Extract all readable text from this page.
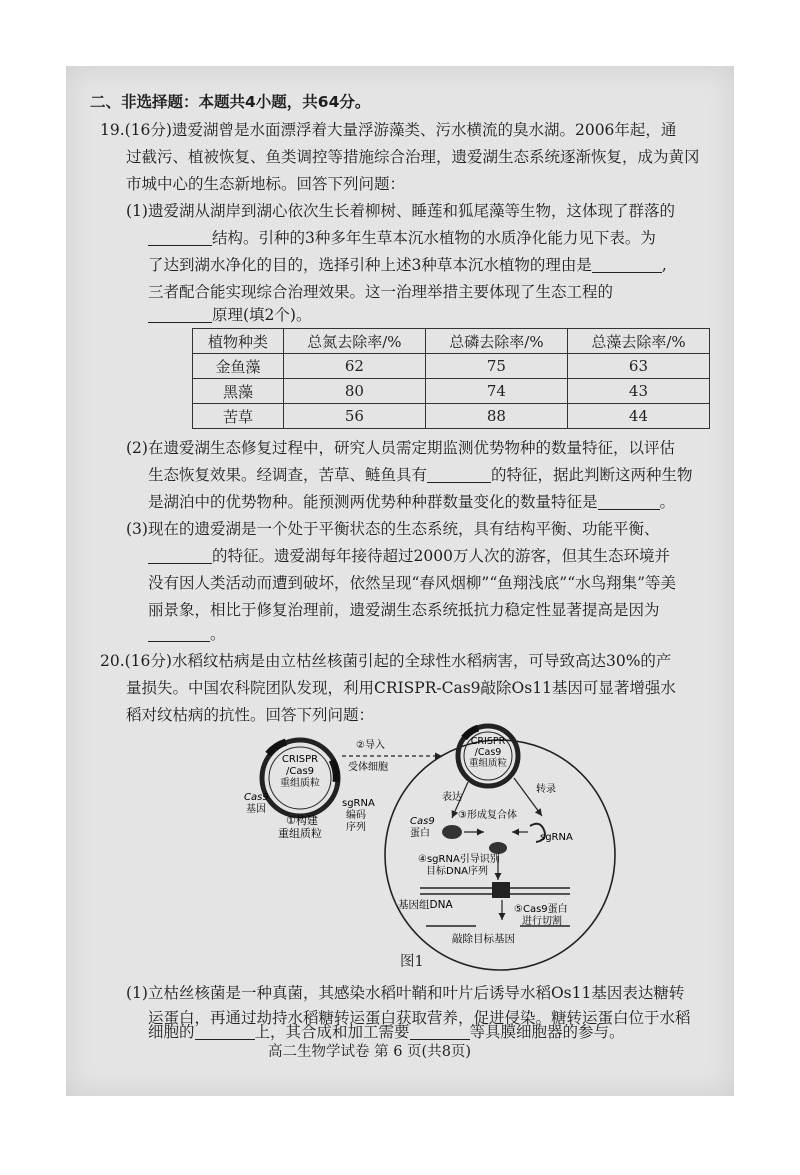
二、非选择题：本题共4小题，共64分。
19.(16分)遗爱湖曾是水面漂浮着大量浮游藻类、污水横流的臭水湖。2006年起，通
过截污、植被恢复、鱼类调控等措施综合治理，遗爱湖生态系统逐渐恢复，成为黄冈
市城中心的生态新地标。回答下列问题：
(1)遗爱湖从湖岸到湖心依次生长着柳树、睡莲和狐尾藻等生物，这体现了群落的
结构。引种的3种多年生草本沉水植物的水质净化能力见下表。为
了达到湖水净化的目的，选择引种上述3种草本沉水植物的理由是	,
三者配合能实现综合治理效果。这一治理举措主要体现了生态工程的
原理(填2个)。
植物种类	总氮去除率/%	总磷去除率/%	总藻去除率/%
金鱼藻	62	75	63
黑藻	80	74	43
苦草	56	88	44
(2)在遗爱湖生态修复过程中，研究人员需定期监测优势物种的数量特征，以评估
生态恢复效果。经调查，苦草、鲢鱼具有	的特征，据此判断这两种生物
是湖泊中的优势物种。能预测两优势种种群数量变化的数量特征是	。
(3)现在的遗爱湖是一个处于平衡状态的生态系统，具有结构平衡、功能平衡、
的特征。遗爱湖每年接待超过2000万人次的游客，但其生态环境并
没有因人类活动而遭到破坏，依然呈现“春风烟柳”“鱼翔浅底”“水鸟翔集”等美
丽景象，相比于修复治理前，遗爱湖生态系统抵抗力稳定性显著提高是因为
。
20.(16分)水稻纹枯病是由立枯丝核菌引起的全球性水稻病害，可导致高达30%的产
量损失。中国农科院团队发现，利用CRISPR-Cas9敲除Os11基因可显著增强水
稻对纹枯病的抗性。回答下列问题：
CRISPR
/Cas9
重组质粒
Cas9
基因
sgRNA
编码
序列
①构建
重组质粒
②导入
受体细胞
CRISPR
/Cas9
重组质粒
表达
转录
Cas9
蛋白	sgRNA
③形成复合体
④sgRNA引导识别
目标DNA序列
基因组DNA	⑤Cas9蛋白
进行切割
敲除目标基因
图1
(1)立枯丝核菌是一种真菌，其感染水稻叶鞘和叶片后诱导水稻Os11基因表达糖转
运蛋白，再通过劫持水稻糖转运蛋白获取营养，促进侵染。糖转运蛋白位于水稻
细胞的	上，其合成和加工需要	等具膜细胞器的参与。
高二生物学试卷 第 6 页(共8页)
